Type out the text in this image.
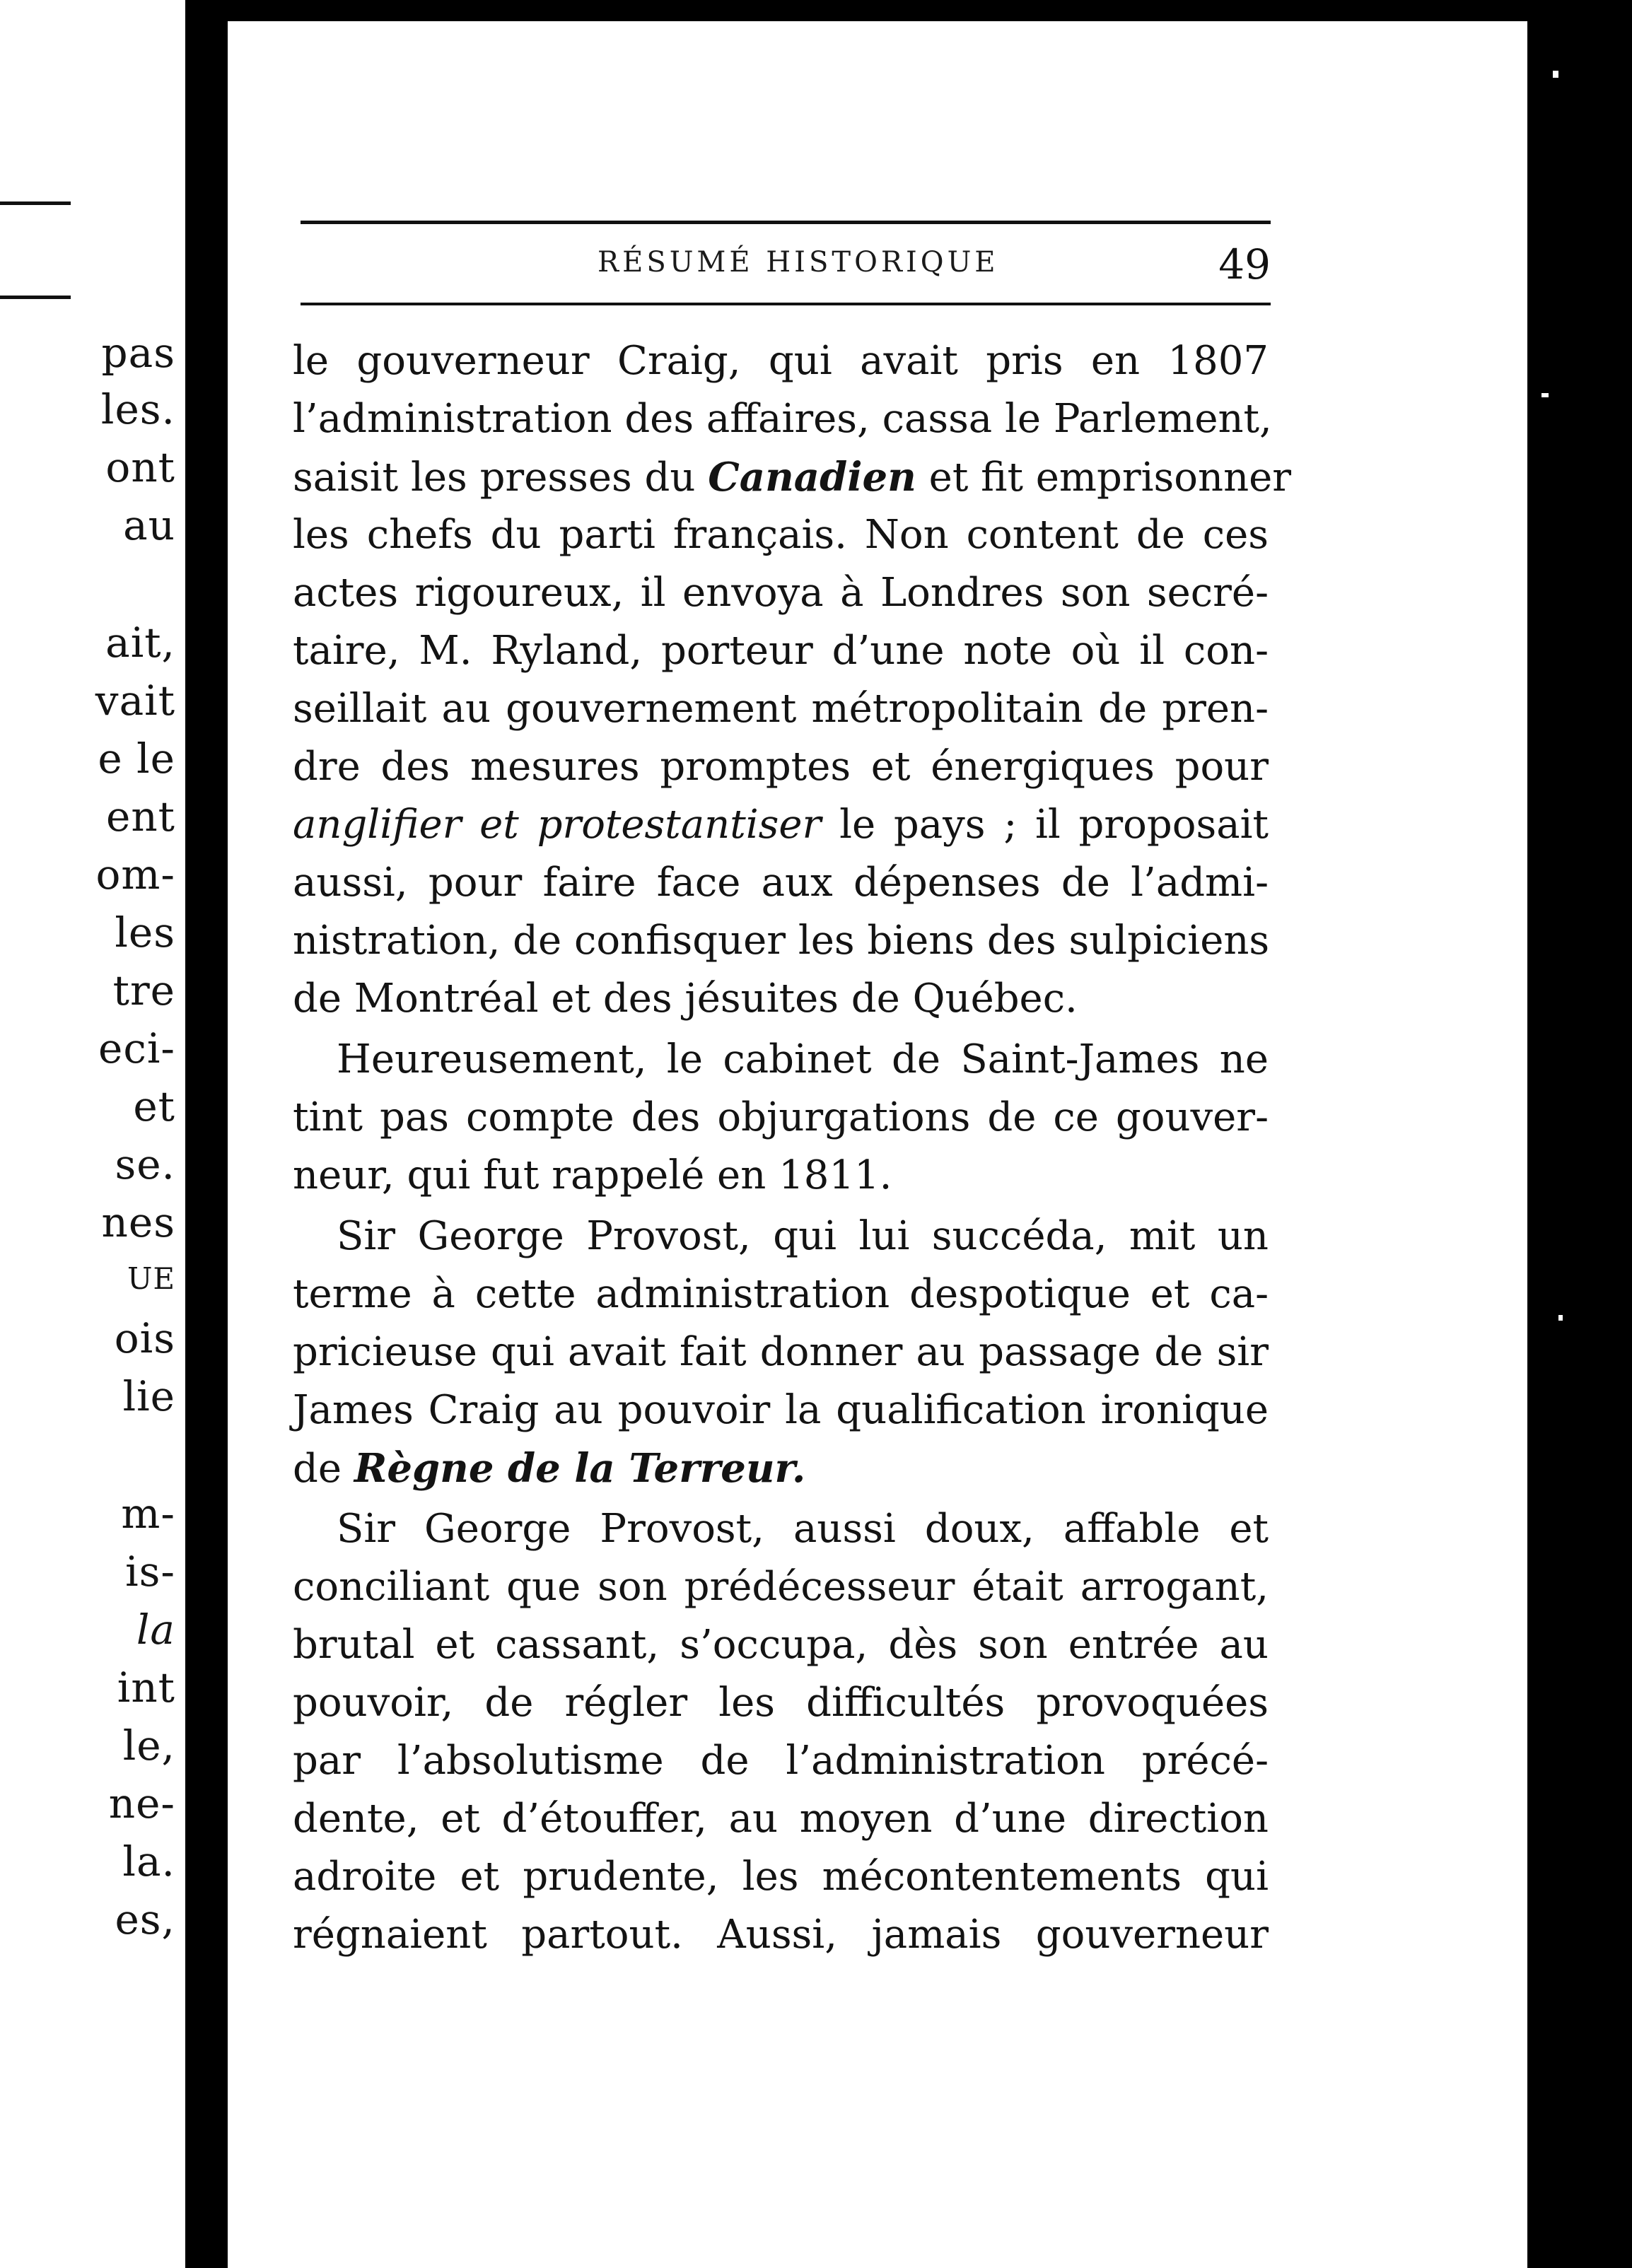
pas
les.
ont
au
ait,
vait
e le
ent
om-
les
tre
eci-
et
se.
nes
UE
ois
lie
m-
is-
la
int
le,
ne-
la.
es,
RÉSUMÉ HISTORIQUE	49
le gouverneur Craig, qui avait pris en 1807
l’administration des affaires, cassa le Parlement,
saisit les presses du Canadien et fit emprisonner
les chefs du parti français. Non content de ces
actes rigoureux, il envoya à Londres son secré-
taire, M. Ryland, porteur d’une note où il con-
seillait au gouvernement métropolitain de pren-
dre des mesures promptes et énergiques pour
angliﬁer et protestantiser le pays ; il proposait
aussi, pour faire face aux dépenses de l’admi-
nistration, de confisquer les biens des sulpiciens
de Montréal et des jésuites de Québec.
Heureusement, le cabinet de Saint-James ne
tint pas compte des objurgations de ce gouver-
neur, qui fut rappelé en 1811.
Sir George Provost, qui lui succéda, mit un
terme à cette administration despotique et ca-
pricieuse qui avait fait donner au passage de sir
James Craig au pouvoir la qualification ironique
de Règne de la Terreur.
Sir George Provost, aussi doux, affable et
conciliant que son prédécesseur était arrogant,
brutal et cassant, s’occupa, dès son entrée au
pouvoir, de régler les difficultés provoquées
par l’absolutisme de l’administration précé-
dente, et d’étouffer, au moyen d’une direction
adroite et prudente, les mécontentements qui
régnaient partout. Aussi, jamais gouverneur
